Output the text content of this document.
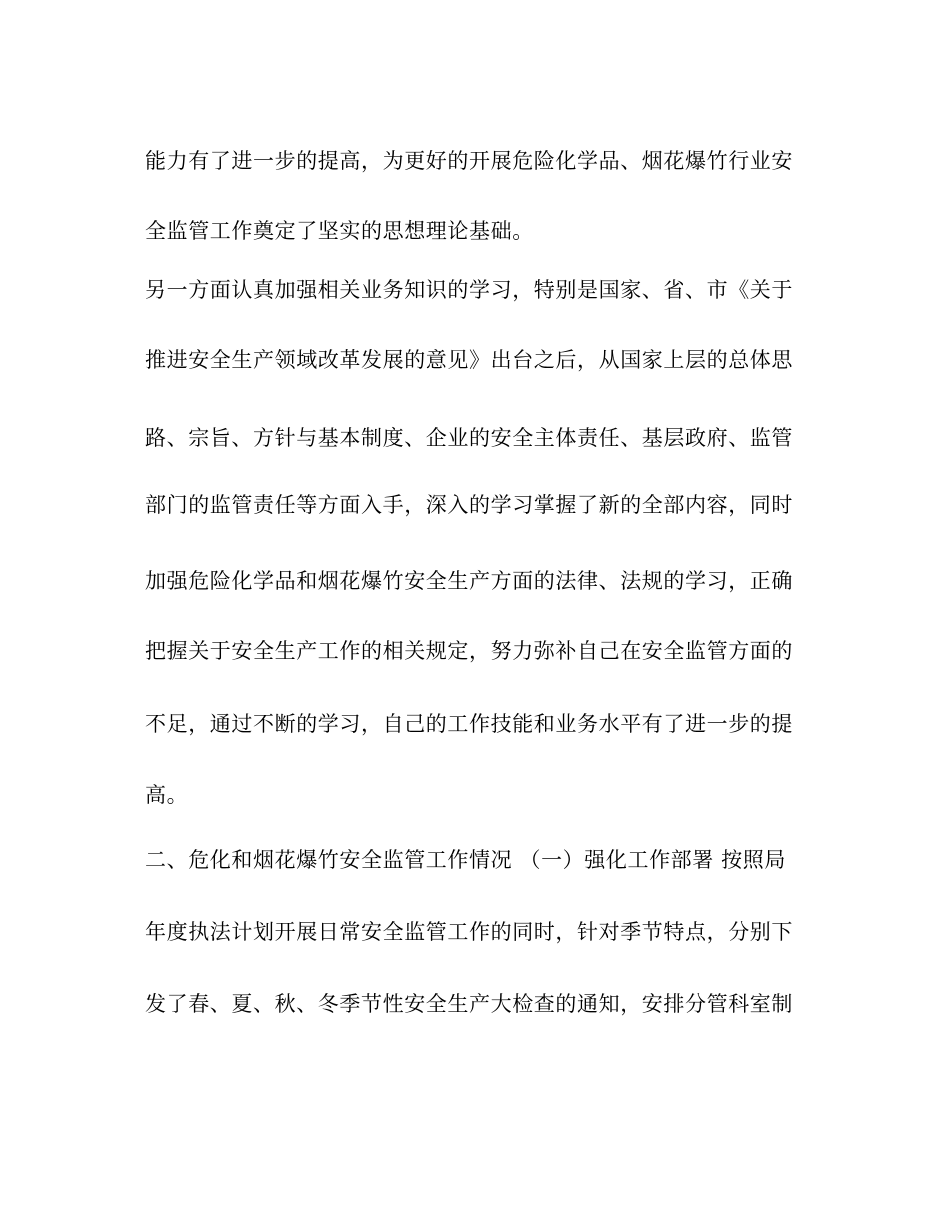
能力有了进一步的提高，为更好的开展危险化学品、烟花爆竹行业安
全监管工作奠定了坚实的思想理论基础。
另一方面认真加强相关业务知识的学习，特别是国家、省、市《关于
推进安全生产领域改革发展的意见》出台之后，从国家上层的总体思
路、宗旨、方针与基本制度、企业的安全主体责任、基层政府、监管
部门的监管责任等方面入手，深入的学习掌握了新的全部内容，同时
加强危险化学品和烟花爆竹安全生产方面的法律、法规的学习，正确
把握关于安全生产工作的相关规定，努力弥补自己在安全监管方面的
不足，通过不断的学习，自己的工作技能和业务水平有了进一步的提
高。
二、危化和烟花爆竹安全监管工作情况 （一）强化工作部署 按照局
年度执法计划开展日常安全监管工作的同时，针对季节特点，分别下
发了春、夏、秋、冬季节性安全生产大检查的通知，安排分管科室制
